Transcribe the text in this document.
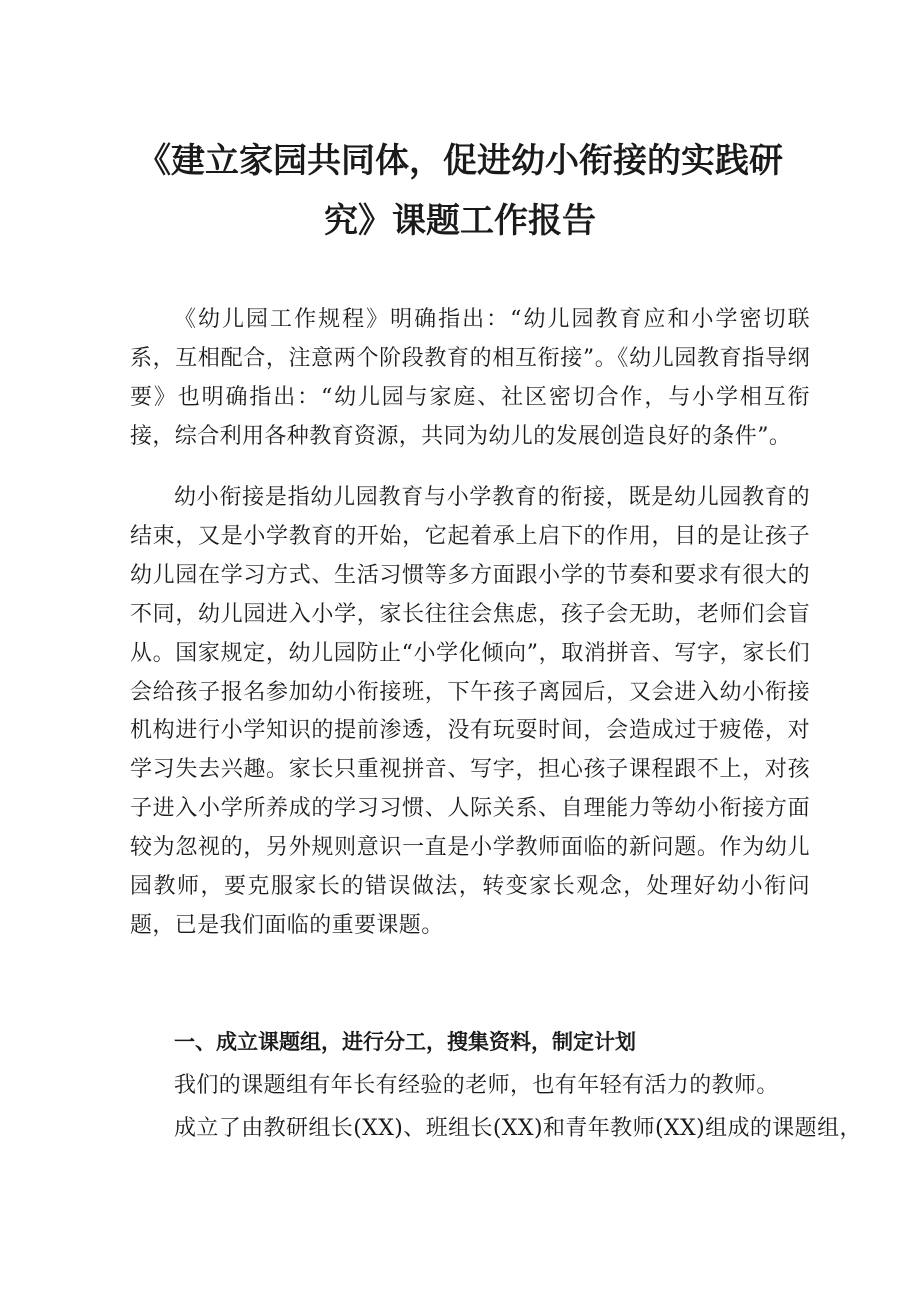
《建立家园共同体，促进幼小衔接的实践研
究》课题工作报告

《幼儿园工作规程》明确指出：“幼儿园教育应和小学密切联系，互相配合，注意两个阶段教育的相互衔接”。《幼儿园教育指导纲要》也明确指出：“幼儿园与家庭、社区密切合作，与小学相互衔接，综合利用各种教育资源，共同为幼儿的发展创造良好的条件”。

幼小衔接是指幼儿园教育与小学教育的衔接，既是幼儿园教育的结束，又是小学教育的开始，它起着承上启下的作用，目的是让孩子幼儿园在学习方式、生活习惯等多方面跟小学的节奏和要求有很大的不同，幼儿园进入小学，家长往往会焦虑，孩子会无助，老师们会盲从。国家规定，幼儿园防止“小学化倾向”，取消拼音、写字，家长们会给孩子报名参加幼小衔接班，下午孩子离园后，又会进入幼小衔接机构进行小学知识的提前渗透，没有玩耍时间，会造成过于疲倦，对学习失去兴趣。家长只重视拼音、写字，担心孩子课程跟不上，对孩子进入小学所养成的学习习惯、人际关系、自理能力等幼小衔接方面较为忽视的，另外规则意识一直是小学教师面临的新问题。作为幼儿园教师，要克服家长的错误做法，转变家长观念，处理好幼小衔问题，已是我们面临的重要课题。

一、成立课题组，进行分工，搜集资料，制定计划

我们的课题组有年长有经验的老师，也有年轻有活力的教师。

成立了由教研组长(XX)、班组长(XX)和青年教师(XX)组成的课题组，
